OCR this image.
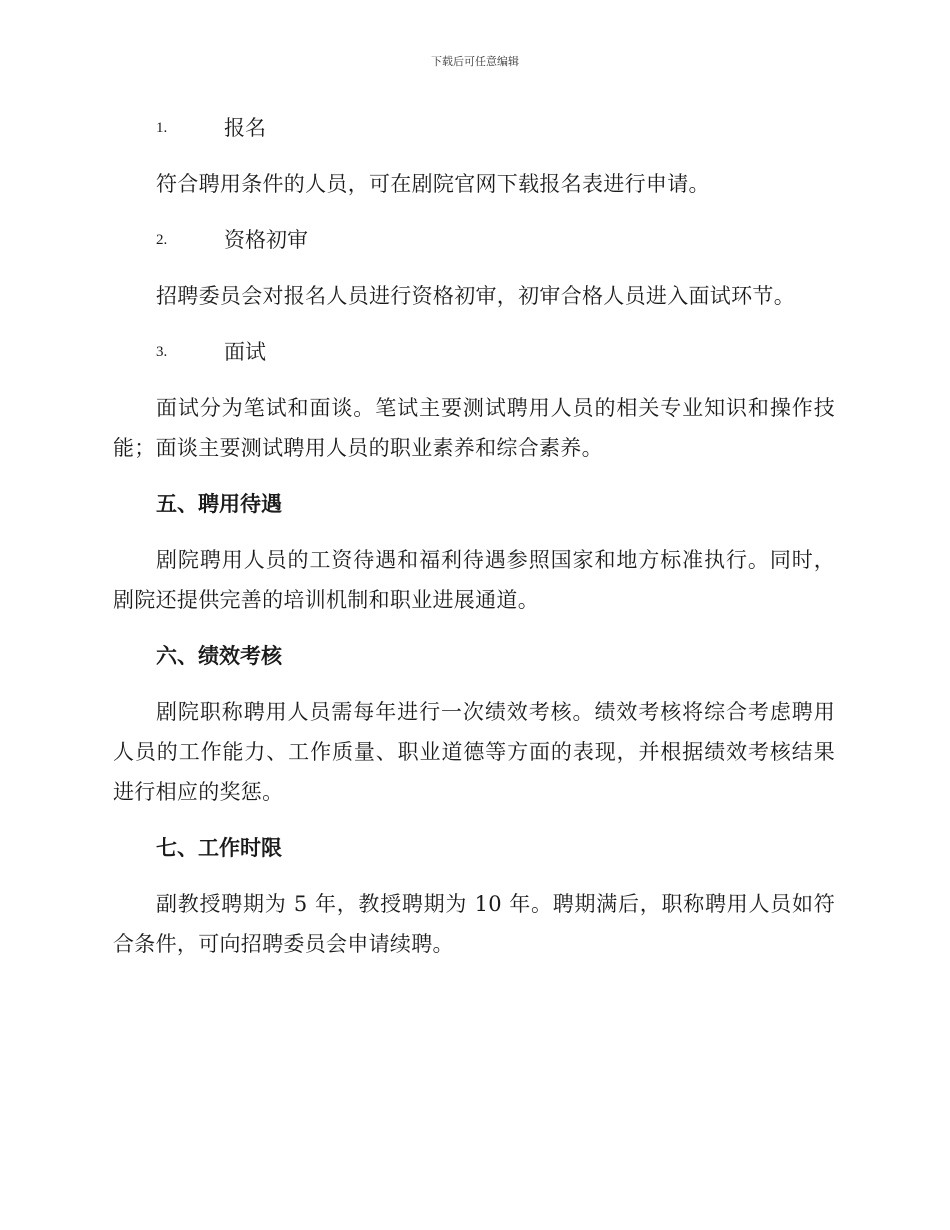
下载后可任意编辑
1.	报名

符合聘用条件的人员，可在剧院官网下载报名表进行申请。

2.	资格初审

招聘委员会对报名人员进行资格初审，初审合格人员进入面试环节。

3.	面试

面试分为笔试和面谈。笔试主要测试聘用人员的相关专业知识和操作技能；面谈主要测试聘用人员的职业素养和综合素养。

五、聘用待遇

剧院聘用人员的工资待遇和福利待遇参照国家和地方标准执行。同时，剧院还提供完善的培训机制和职业进展通道。

六、绩效考核

剧院职称聘用人员需每年进行一次绩效考核。绩效考核将综合考虑聘用人员的工作能力、工作质量、职业道德等方面的表现，并根据绩效考核结果进行相应的奖惩。

七、工作时限

副教授聘期为 5 年，教授聘期为 10 年。聘期满后，职称聘用人员如符合条件，可向招聘委员会申请续聘。
